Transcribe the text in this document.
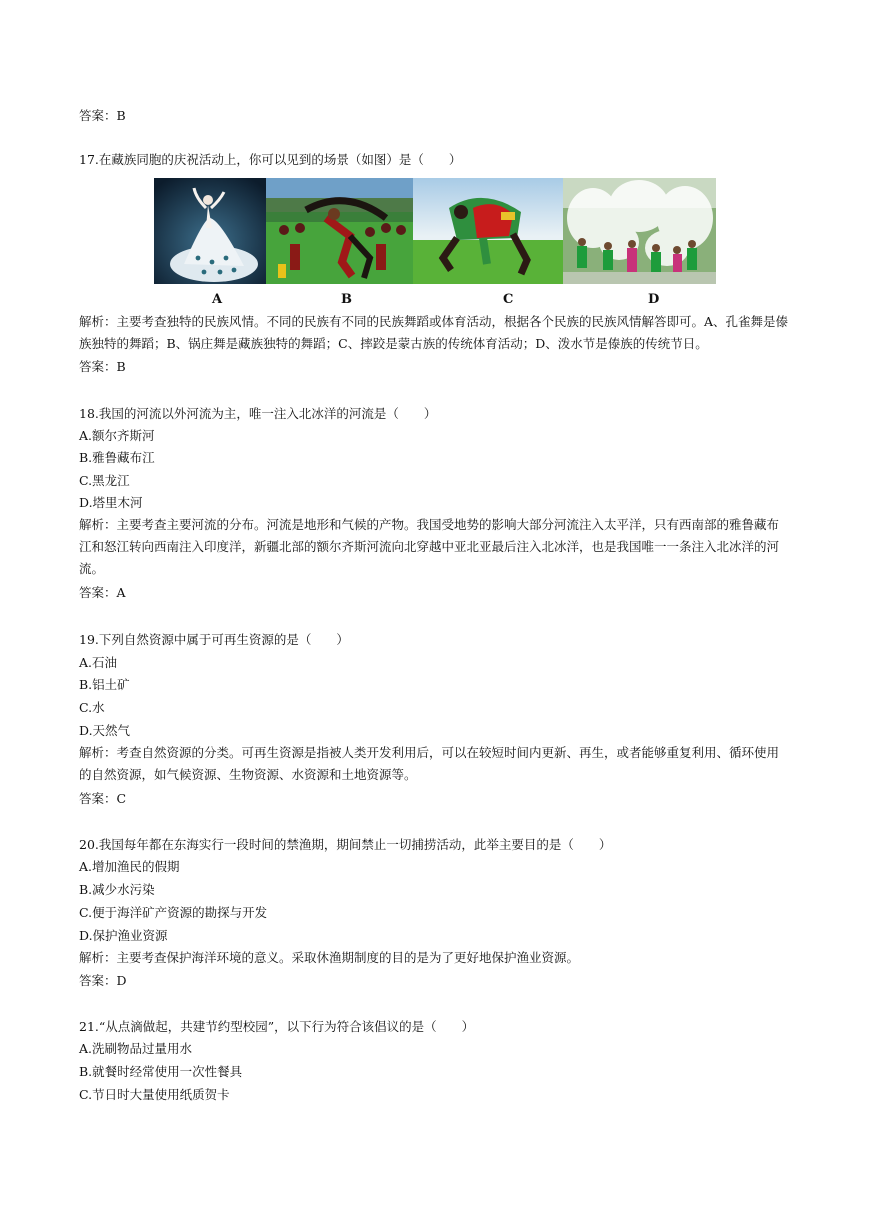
答案：B
17.在藏族同胞的庆祝活动上，你可以见到的场景（如图）是（　　）
A	B	C	D
解析：主要考查独特的民族风情。不同的民族有不同的民族舞蹈或体育活动，根据各个民族的民族风情解答即可。A、孔雀舞是傣族独特的舞蹈；B、锅庄舞是藏族独特的舞蹈；C、摔跤是蒙古族的传统体育活动；D、泼水节是傣族的传统节日。
答案：B
18.我国的河流以外河流为主，唯一注入北冰洋的河流是（　　）
A.额尔齐斯河
B.雅鲁藏布江
C.黑龙江
D.塔里木河
解析：主要考查主要河流的分布。河流是地形和气候的产物。我国受地势的影响大部分河流注入太平洋，只有西南部的雅鲁藏布江和怒江转向西南注入印度洋，新疆北部的额尔齐斯河流向北穿越中亚北亚最后注入北冰洋，也是我国唯一一条注入北冰洋的河流。
答案：A
19.下列自然资源中属于可再生资源的是（　　）
A.石油
B.铝土矿
C.水
D.天然气
解析：考查自然资源的分类。可再生资源是指被人类开发利用后，可以在较短时间内更新、再生，或者能够重复利用、循环使用的自然资源，如气候资源、生物资源、水资源和土地资源等。
答案：C
20.我国每年都在东海实行一段时间的禁渔期，期间禁止一切捕捞活动，此举主要目的是（　　）
A.增加渔民的假期
B.减少水污染
C.便于海洋矿产资源的勘探与开发
D.保护渔业资源
解析：主要考查保护海洋环境的意义。采取休渔期制度的目的是为了更好地保护渔业资源。
答案：D
21.“从点滴做起，共建节约型校园”，以下行为符合该倡议的是（　　）
A.洗刷物品过量用水
B.就餐时经常使用一次性餐具
C.节日时大量使用纸质贺卡
